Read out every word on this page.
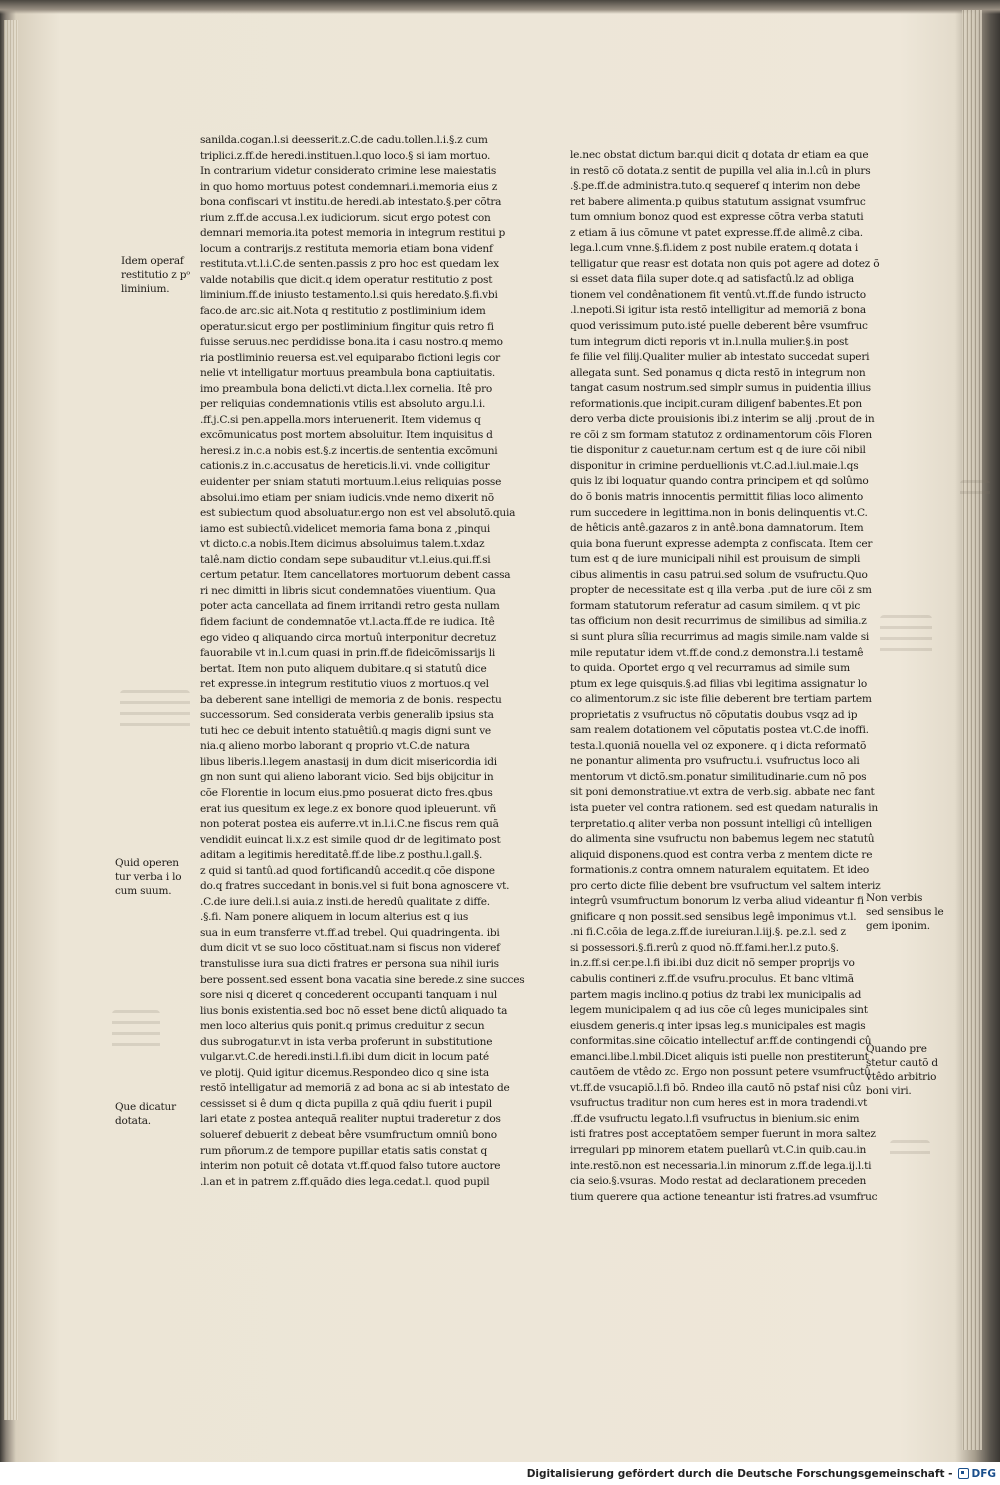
sanilda.cogan.l.si deesserit.z.C.de cadu.tollen.l.i.§.z cum
triplici.z.ff.de heredi.instituen.l.quo loco.§ si iam mortuo.
In contrarium videtur considerato crimine lese maiestatis
in quo homo mortuus potest condemnari.i.memoria eius z
bona confiscari vt institu.de heredi.ab intestato.§.per cõtra
rium z.ff.de accusa.l.ex iudiciorum. sicut ergo potest con
demnari memoria.ita potest memoria in integrum restitui p
locum a contrarijs.z restituta memoria etiam bona videnf
restituta.vt.l.i.C.de senten.passis z pro hoc est quedam lex
valde notabilis que dicit.q idem operatur restitutio z post
liminium.ff.de iniusto testamento.l.si quis heredato.§.fi.vbi
faco.de arc.sic ait.Nota q restitutio z postliminium idem
operatur.sicut ergo per postliminium fingitur quis retro fi
fuisse seruus.nec perdidisse bona.ita i casu nostro.q memo
ria postliminio reuersa est.vel equiparabo fictioni legis cor
nelie vt intelligatur mortuus preambula bona captiuitatis.
imo preambula bona delicti.vt dicta.l.lex cornelia. Itê pro
per reliquias condemnationis vtilis est absoluto argu.l.i.
.ff.j.C.si pen.appella.mors interuenerit. Item videmus q
excõmunicatus post mortem absoluitur. Item inquisitus d
heresi.z in.c.a nobis est.§.z incertis.de sententia excõmuni
cationis.z in.c.accusatus de hereticis.li.vi. vnde colligitur
euidenter per sniam statuti mortuum.l.eius reliquias posse
absolui.imo etiam per sniam iudicis.vnde nemo dixerit nõ
est subiectum quod absoluatur.ergo non est vel absolutõ.quia
iamo est subiectû.videlicet memoria fama bona z ,pinqui
vt dicto.c.a nobis.Item dicimus absoluimus talem.t.xdaz
talê.nam dictio condam sepe subauditur vt.l.eius.qui.ff.si
certum petatur. Item cancellatores mortuorum debent cassa
ri nec dimitti in libris sicut condemnatões viuentium. Qua
poter acta cancellata ad finem irritandi retro gesta nullam
fidem faciunt de condemnatõe vt.l.acta.ff.de re iudica. Itê
ego video q aliquando circa mortuû interponitur decretuz
fauorabile vt in.l.cum quasi in prin.ff.de fideicõmissarijs li
bertat. Item non puto aliquem dubitare.q si statutû dice
ret expresse.in integrum restitutio viuos z mortuos.q vel
ba deberent sane intelligi de memoria z de bonis. respectu
successorum. Sed considerata verbis generalib ipsius sta
tuti hec ce debuit intento statuêtiû.q magis digni sunt ve
nia.q alieno morbo laborant q proprio vt.C.de natura
libus liberis.l.legem anastasij in dum dicit misericordia idi
gn non sunt qui alieno laborant vicio. Sed bijs obijcitur in
cõe Florentie in locum eius.pmo posuerat dicto fres.qbus
erat ius quesitum ex lege.z ex bonore quod ipleuerunt. vñ
non poterat postea eis auferre.vt in.l.i.C.ne fiscus rem quã
vendidit euincat li.x.z est simile quod dr de legitimato post
aditam a legitimis hereditatê.ff.de libe.z posthu.l.gall.§.
z quid si tantû.ad quod fortificandû accedit.q cõe dispone
do.q fratres succedant in bonis.vel si fuit bona agnoscere vt.
.C.de iure deli.l.si auia.z insti.de heredû qualitate z diffe.
.§.fi. Nam ponere aliquem in locum alterius est q ius
sua in eum transferre vt.ff.ad trebel. Qui quadringenta. ibi
dum dicit vt se suo loco cõstituat.nam si fiscus non videref
transtulisse iura sua dicti fratres er persona sua nihil iuris
bere possent.sed essent bona vacatia sine berede.z sine succes
sore nisi q diceret q concederent occupanti tanquam i nul
lius bonis existentia.sed boc nõ esset bene dictû aliquado ta
men loco alterius quis ponit.q primus creduitur z secun
dus subrogatur.vt in ista verba proferunt in substitutione
vulgar.vt.C.de heredi.insti.l.fi.ibi dum dicit in locum paté
ve plotij. Quid igitur dicemus.Respondeo dico q sine ista
restõ intelligatur ad memoriã z ad bona ac si ab intestato de
cessisset si ê dum q dicta pupilla z quã qdiu fuerit i pupil
lari etate z postea antequã realiter nuptui traderetur z dos
solueref debuerit z debeat bêre vsumfructum omniû bono
rum pñorum.z de tempore pupillar etatis satis constat q
interim non potuit cê dotata vt.ff.quod falso tutore auctore
.l.an et in patrem z.ff.quãdo dies lega.cedat.l. quod pupil
le.nec obstat dictum bar.qui dicit q dotata dr etiam ea que
in restõ cõ dotata.z sentit de pupilla vel alia in.l.cû in plurs
.§.pe.ff.de administra.tuto.q sequeref q interim non debe
ret babere alimenta.p quibus statutum assignat vsumfruc
tum omnium bonoz quod est expresse cõtra verba statuti
z etiam ã ius cõmune vt patet expresse.ff.de alimê.z ciba.
lega.l.cum vnne.§.fi.idem z post nubile eratem.q dotata i
telligatur que reasr est dotata non quis pot agere ad dotez õ
si esset data fiila super dote.q ad satisfactû.lz ad obliga
tionem vel condênationem fit ventû.vt.ff.de fundo istructo
.l.nepoti.Si igitur ista restõ intelligitur ad memoriã z bona
quod verissimum puto.isté puelle deberent bêre vsumfruc
tum integrum dicti reporis vt in.l.nulla mulier.§.in post
fe filie vel filij.Qualiter mulier ab intestato succedat superi
allegata sunt. Sed ponamus q dicta restõ in integrum non
tangat casum nostrum.sed simplr sumus in puidentia illius
reformationis.que incipit.curam diligenf babentes.Et pon
dero verba dicte prouisionis ibi.z interim se alij .prout de in
re cõi z sm formam statutoz z ordinamentorum cõis Floren
tie disponitur z cauetur.nam certum est q de iure cõi nibil
disponitur in crimine perduellionis vt.C.ad.l.iul.maie.l.qs
quis lz ibi loquatur quando contra principem et qd solûmo
do õ bonis matris innocentis permittit filias loco alimento
rum succedere in legittima.non in bonis delinquentis vt.C.
de hêticis antê.gazaros z in antê.bona damnatorum. Item
quia bona fuerunt expresse adempta z confiscata. Item cer
tum est q de iure municipali nihil est prouisum de simpli
cibus alimentis in casu patrui.sed solum de vsufructu.Quo
propter de necessitate est q illa verba .put de iure cõi z sm
formam statutorum referatur ad casum similem. q vt pic
tas officium non desit recurrimus de similibus ad similia.z
si sunt plura sîlia recurrimus ad magis simile.nam valde si
mile reputatur idem vt.ff.de cond.z demonstra.l.i testamê
to quida. Oportet ergo q vel recurramus ad simile sum
ptum ex lege quisquis.§.ad filias vbi legitima assignatur lo
co alimentorum.z sic iste filie deberent bre tertiam partem
proprietatis z vsufructus nõ cõputatis doubus vsqz ad ip
sam realem dotationem vel cõputatis postea vt.C.de inoffi.
testa.l.quoniã nouella vel oz exponere. q i dicta reformatõ
ne ponantur alimenta pro vsufructu.i. vsufructus loco ali
mentorum vt dictõ.sm.ponatur similitudinarie.cum nõ pos
sit poni demonstratiue.vt extra de verb.sig. abbate nec fant
ista pueter vel contra rationem. sed est quedam naturalis in
terpretatio.q aliter verba non possunt intelligi cû intelligen
do alimenta sine vsufructu non babemus legem nec statutû
aliquid disponens.quod est contra verba z mentem dicte re
formationis.z contra omnem naturalem equitatem. Et ideo
pro certo dicte filie debent bre vsufructum vel saltem interiz
integrû vsumfructum bonorum lz verba aliud videantur fi
gnificare q non possit.sed sensibus legê imponimus vt.l.
.ni fi.C.cõia de lega.z.ff.de iureiuran.l.iij.§. pe.z.l. sed z
si possessori.§.fi.rerû z quod nõ.ff.fami.her.l.z puto.§.
in.z.ff.si cer.pe.l.fi ibi.ibi duz dicit nõ semper proprijs vo
cabulis contineri z.ff.de vsufru.proculus. Et banc vltimã
partem magis inclino.q potius dz trabi lex municipalis ad
legem municipalem q ad ius cõe cû leges municipales sint
eiusdem generis.q inter ipsas leg.s municipales est magis
conformitas.sine cõicatio intellectuf ar.ff.de contingendi cû
emanci.libe.l.mbil.Dicet aliquis isti puelle non prestiterunt
cautõem de vtêdo zc. Ergo non possunt petere vsumfructû
vt.ff.de vsucapiõ.l.fi bõ. Rndeo illa cautõ nõ pstaf nisi cûz
vsufructus traditur non cum heres est in mora tradendi.vt
.ff.de vsufructu legato.l.fi vsufructus in bienium.sic enim
isti fratres post acceptatõem semper fuerunt in mora saltez
irregulari pp minorem etatem puellarû vt.C.in quib.cau.in
inte.restõ.non est necessaria.l.in minorum z.ff.de lega.ij.l.ti
cia seio.§.vsuras. Modo restat ad declarationem preceden
tium querere qua actione teneantur isti fratres.ad vsumfruc
Idem operaf
restitutio z pᵒ
liminium.
Quid operen
tur verba i lo
cum suum.
Que dicatur
dotata.
Non verbis
sed sensibus le
gem iponim.
Quando pre
stetur cautõ d
vtêdo arbitrio
boni viri.
Digitalisierung gefördert durch die Deutsche Forschungsgemeinschaft - DFG
